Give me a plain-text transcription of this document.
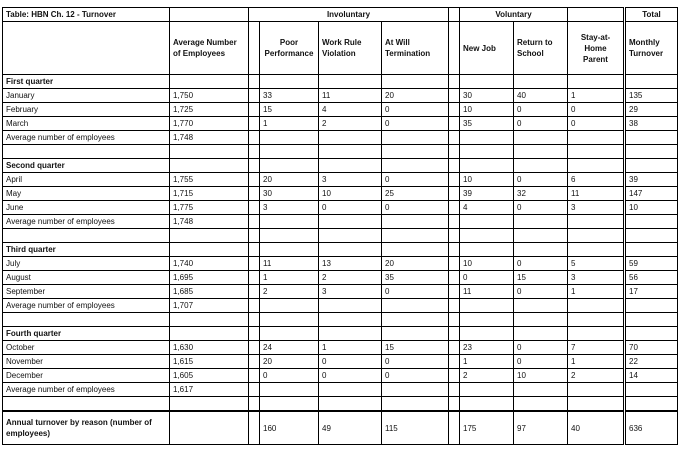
Table: HBN Ch. 12 - Turnover		Involuntary					Voluntary			Total
	Average Number of Employees		Poor Performance	Work Rule Violation	At Will Termination		New Job	Return to School	Stay-at-Home Parent	Monthly Turnover
First quarter										
January	1,750		33	11	20		30	40	1	135
February	1,725		15	4	0		10	0	0	29
March	1,770		1	2	0		35	0	0	38
Average number of employees	1,748									

Second quarter										
April	1,755		20	3	0		10	0	6	39
May	1,715		30	10	25		39	32	11	147
June	1,775		3	0	0		4	0	3	10
Average number of employees	1,748									

Third quarter										
July	1,740		11	13	20		10	0	5	59
August	1,695		1	2	35		0	15	3	56
September	1,685		2	3	0		11	0	1	17
Average number of employees	1,707									

Fourth quarter										
October	1,630		24	1	15		23	0	7	70
November	1,615		20	0	0		1	0	1	22
December	1,605		0	0	0		2	10	2	14
Average number of employees	1,617									

Annual turnover by reason (number of employees)			160	49	115		175	97	40	636
